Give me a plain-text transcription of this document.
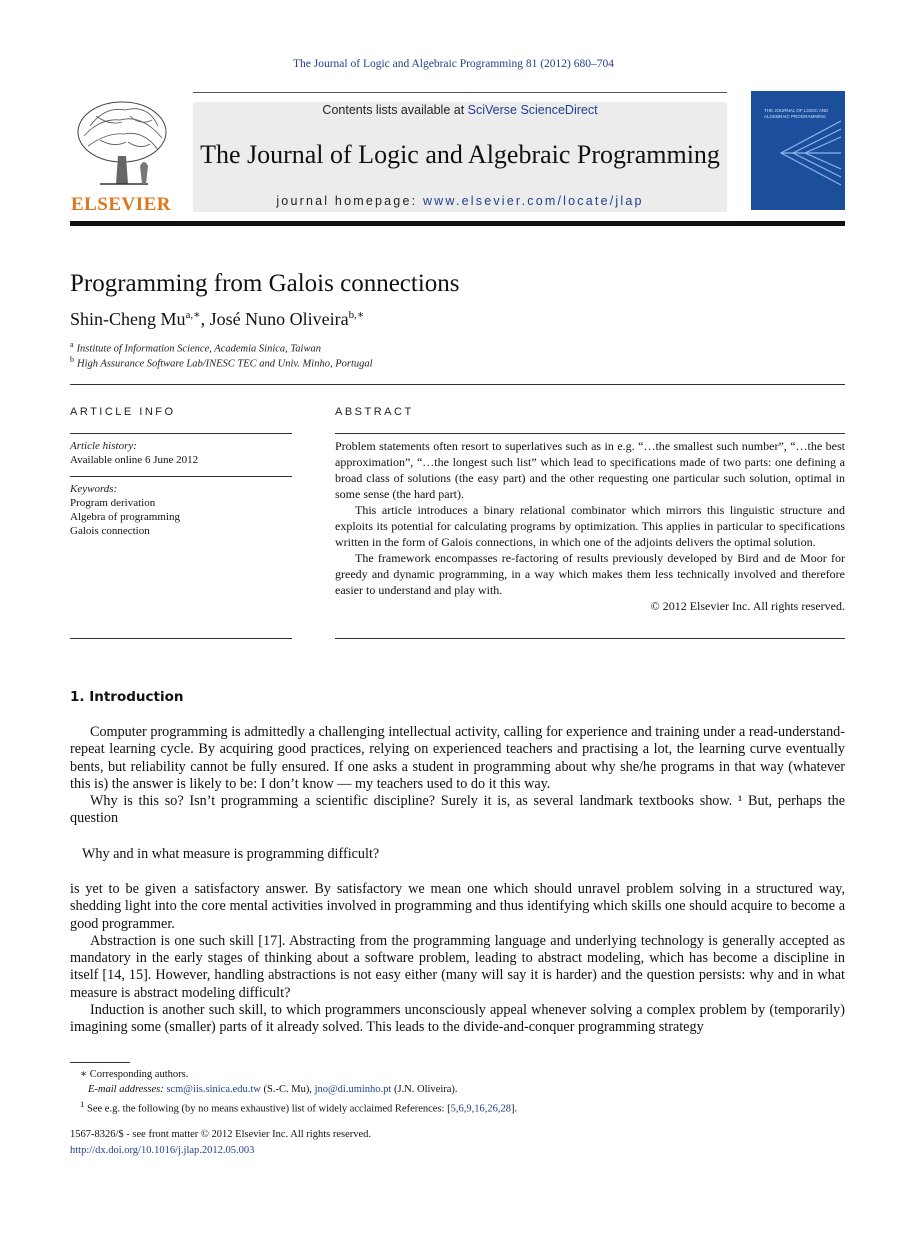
The Journal of Logic and Algebraic Programming 81 (2012) 680–704
ELSEVIER
Contents lists available at SciVerse ScienceDirect
The Journal of Logic and Algebraic Programming
journal homepage: www.elsevier.com/locate/jlap
THE JOURNAL OF LOGIC AND ALGEBRAIC PROGRAMMING
Programming from Galois connections
Shin-Cheng $Mu^{a,∗}$, José Nuno Oliveira$^{b,∗}$
$^a$ Institute of Information Science, Academia Sinica, Taiwan
$^b$ High Assurance Software Lab/INESC TEC and Univ. Minho, Portugal
ARTICLE INFO
Article history:
Available online 6 June 2012
Keywords:
Program derivation
Algebra of programming
Galois connection
ABSTRACT

Problem statements often resort to superlatives such as in e.g. “…the smallest such number”, “…the best approximation”, “…the longest such list” which lead to specifications made of two parts: one defining a broad class of solutions (the easy part) and the other requesting one particular such solution, optimal in some sense (the hard part).

This article introduces a binary relational combinator which mirrors this linguistic structure and exploits its potential for calculating programs by optimization. This applies in particular to specifications written in the form of Galois connections, in which one of the adjoints delivers the optimal solution.

The framework encompasses re-factoring of results previously developed by Bird and de Moor for greedy and dynamic programming, in a way which makes them less technically involved and therefore easier to understand and play with.

© 2012 Elsevier Inc. All rights reserved.
1. Introduction

Computer programming is admittedly a challenging intellectual activity, calling for experience and training under a read-understand-repeat learning cycle. By acquiring good practices, relying on experienced teachers and practising a lot, the learning curve eventually bents, but reliability cannot be fully ensured. If one asks a student in programming about why she/he programs in that way (whatever this is) the answer is likely to be: I don’t know — my teachers used to do it this way.

Why is this so? Isn’t programming a scientific discipline? Surely it is, as several landmark textbooks show. ¹ But, perhaps the question

Why and in what measure is programming difficult?

is yet to be given a satisfactory answer. By satisfactory we mean one which should unravel problem solving in a structured way, shedding light into the core mental activities involved in programming and thus identifying which skills one should acquire to become a good programmer.

Abstraction is one such skill [17]. Abstracting from the programming language and underlying technology is generally accepted as mandatory in the early stages of thinking about a software problem, leading to abstract modeling, which has become a discipline in itself [14, 15]. However, handling abstractions is not easy either (many will say it is harder) and the question persists: why and in what measure is abstract modeling difficult?

Induction is another such skill, to which programmers unconsciously appeal whenever solving a complex problem by (temporarily) imagining some (smaller) parts of it already solved. This leads to the divide-and-conquer programming strategy

∗ Corresponding authors.
E-mail addresses: scm@iis.sinica.edu.tw (S.-C. Mu), jno@di.uminho.pt (J.N. Oliveira).
$^1$ See e.g. the following (by no means exhaustive) list of widely acclaimed References: [5,6,9,16,26,28].
1567-8326/$ - see front matter © 2012 Elsevier Inc. All rights reserved.
http://dx.doi.org/10.1016/j.jlap.2012.05.003
